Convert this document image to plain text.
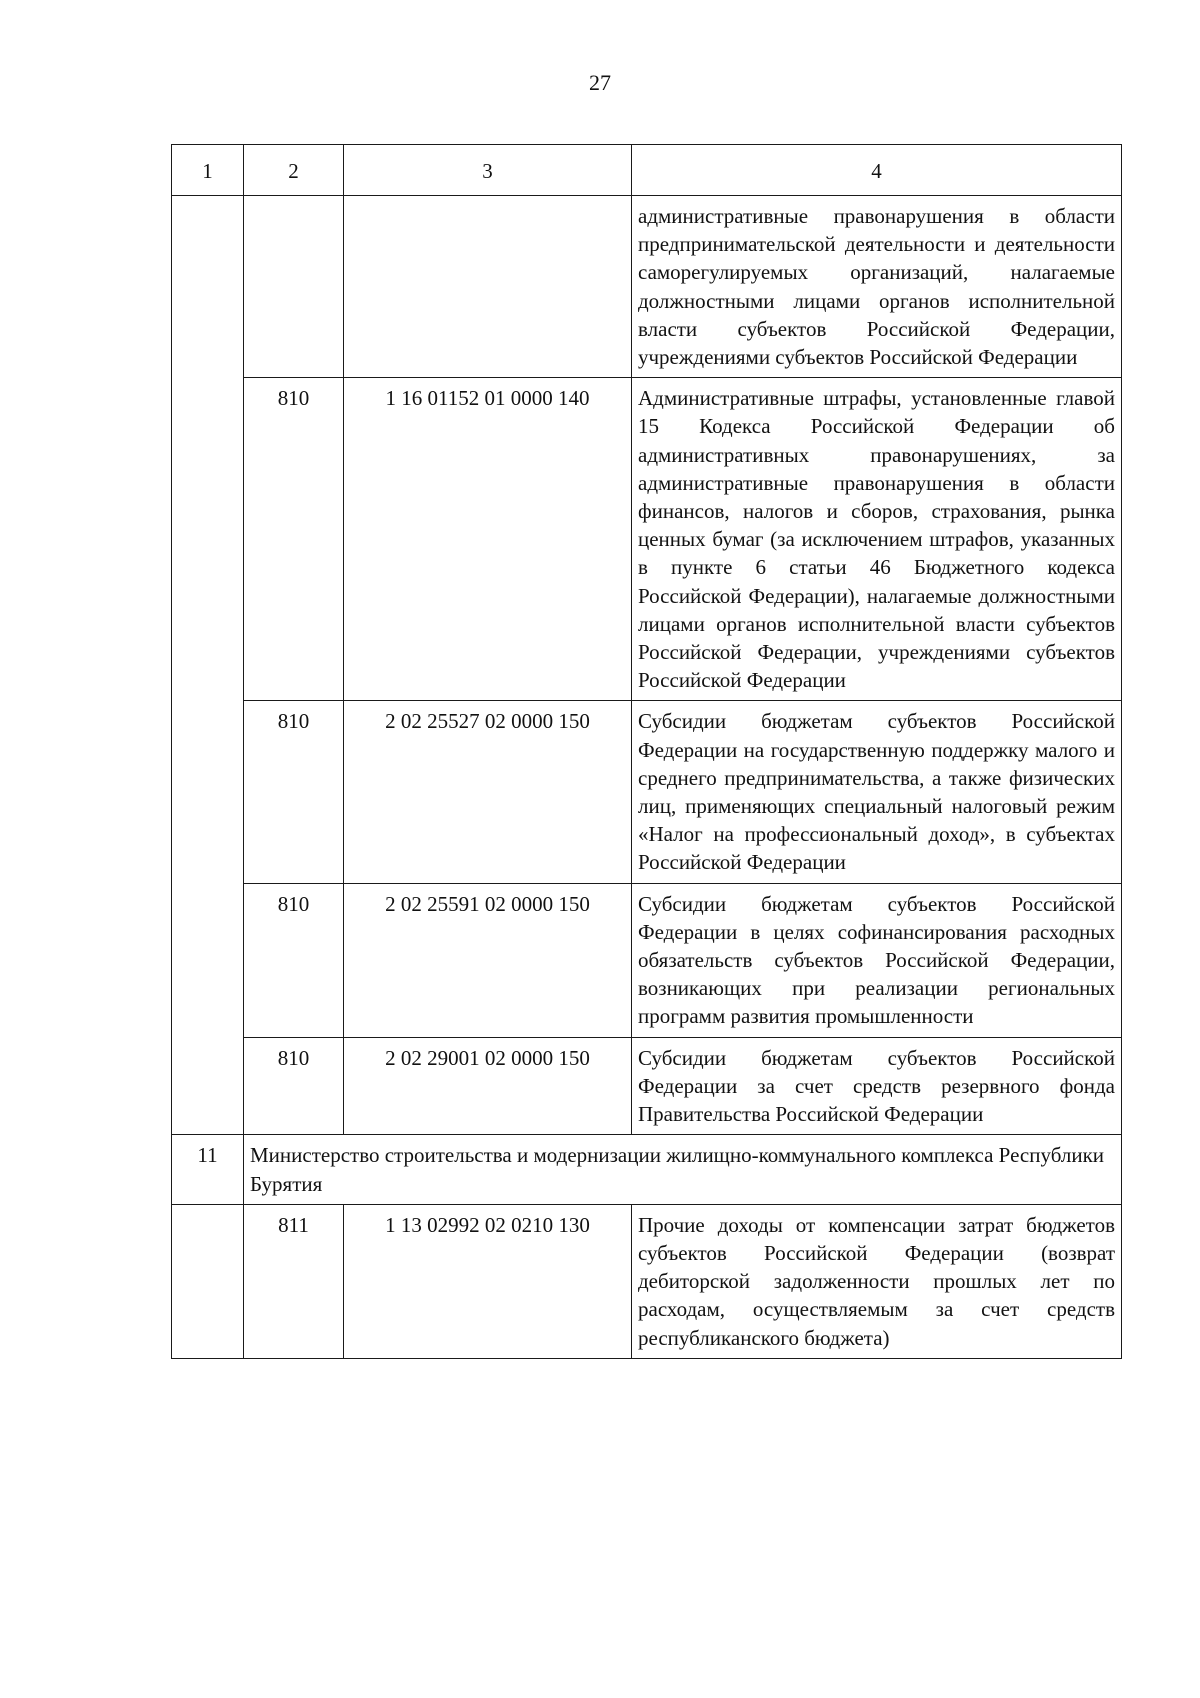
27
1	2	3	4
			административные правонарушения в области предпринимательской деятельности и деятельности саморегулируемых организаций, налагаемые должностными лицами органов исполнительной власти субъектов Российской Федерации, учреждениями субъектов Российской Федерации
	810	1 16 01152 01 0000 140	Административные штрафы, установленные главой 15 Кодекса Российской Федерации об административных правонарушениях, за административные правонарушения в области финансов, налогов и сборов, страхования, рынка ценных бумаг (за исключением штрафов, указанных в пункте 6 статьи 46 Бюджетного кодекса Российской Федерации), налагаемые должностными лицами органов исполнительной власти субъектов Российской Федерации, учреждениями субъектов Российской Федерации
	810	2 02 25527 02 0000 150	Субсидии бюджетам субъектов Российской Федерации на государственную поддержку малого и среднего предпринимательства, а также физических лиц, применяющих специальный налоговый режим «Налог на профессиональный доход», в субъектах Российской Федерации
	810	2 02 25591 02 0000 150	Субсидии бюджетам субъектов Российской Федерации в целях софинансирования расходных обязательств субъектов Российской Федерации, возникающих при реализации региональных программ развития промышленности
	810	2 02 29001 02 0000 150	Субсидии бюджетам субъектов Российской Федерации за счет средств резервного фонда Правительства Российской Федерации
11	Министерство строительства и модернизации жилищно-коммунального комплекса Республики Бурятия		
	811	1 13 02992 02 0210 130	Прочие доходы от компенсации затрат бюджетов субъектов Российской Федерации (возврат дебиторской задолженности прошлых лет по расходам, осуществляемым за счет средств республиканского бюджета)
